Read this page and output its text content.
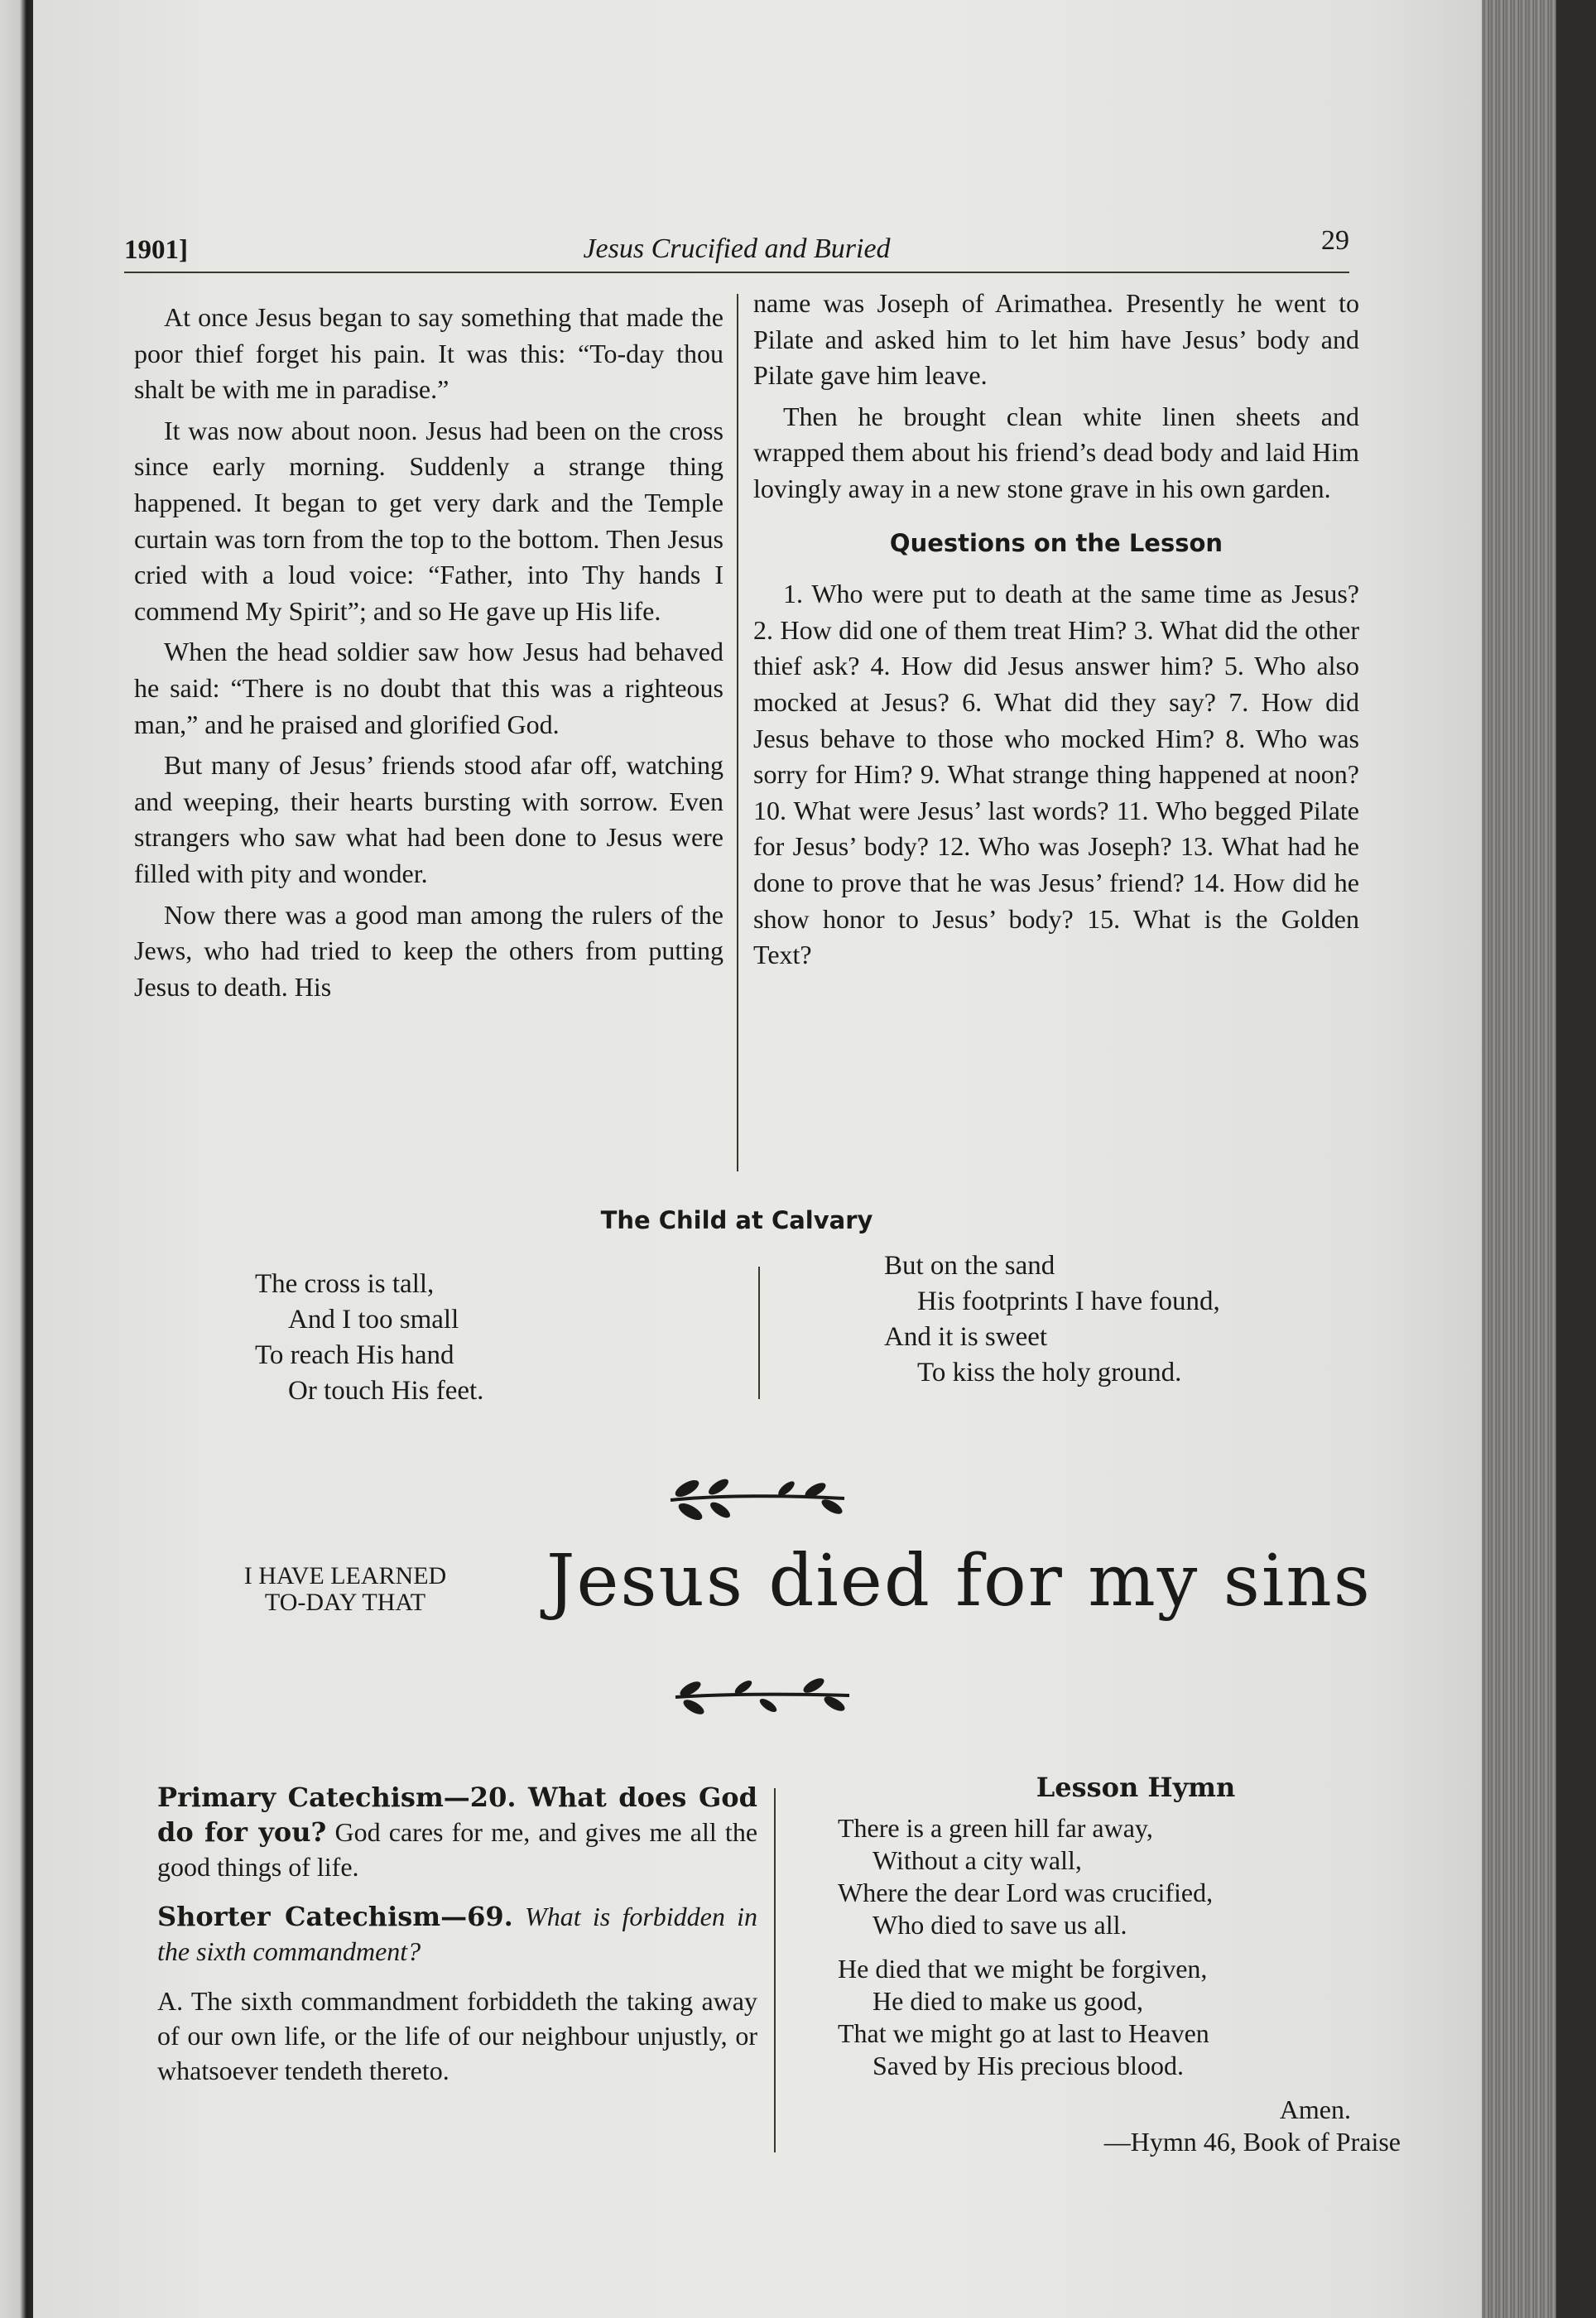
1901]	Jesus Crucified and Buried	29

At once Jesus began to say something that made the poor thief forget his pain. It was this: “To-day thou shalt be with me in paradise.”

It was now about noon. Jesus had been on the cross since early morning. Suddenly a strange thing happened. It began to get very dark and the Temple curtain was torn from the top to the bottom. Then Jesus cried with a loud voice: “Father, into Thy hands I commend My Spirit”; and so He gave up His life.

When the head soldier saw how Jesus had behaved he said: “There is no doubt that this was a righteous man,” and he praised and glorified God.

But many of Jesus’ friends stood afar off, watching and weeping, their hearts bursting with sorrow. Even strangers who saw what had been done to Jesus were filled with pity and wonder.

Now there was a good man among the rulers of the Jews, who had tried to keep the others from putting Jesus to death. His

name was Joseph of Arimathea. Presently he went to Pilate and asked him to let him have Jesus’ body and Pilate gave him leave.

Then he brought clean white linen sheets and wrapped them about his friend’s dead body and laid Him lovingly away in a new stone grave in his own garden.

Questions on the Lesson

1. Who were put to death at the same time as Jesus? 2. How did one of them treat Him? 3. What did the other thief ask? 4. How did Jesus answer him? 5. Who also mocked at Jesus? 6. What did they say? 7. How did Jesus behave to those who mocked Him? 8. Who was sorry for Him? 9. What strange thing happened at noon? 10. What were Jesus’ last words? 11. Who begged Pilate for Jesus’ body? 12. Who was Joseph? 13. What had he done to prove that he was Jesus’ friend? 14. How did he show honor to Jesus’ body? 15. What is the Golden Text?

The Child at Calvary
The cross is tall,
And I too small
To reach His hand
Or touch His feet.
But on the sand
His footprints I have found,
And it is sweet
To kiss the holy ground.
I HAVE LEARNED
TO-DAY THAT	Jesus died for my sins

Primary Catechism—20. What does God do for you? God cares for me, and gives me all the good things of life.

Shorter Catechism—69. What is forbidden in the sixth commandment?

A. The sixth commandment forbiddeth the taking away of our own life, or the life of our neighbour unjustly, or whatsoever tendeth thereto.

Lesson Hymn
There is a green hill far away,
Without a city wall,
Where the dear Lord was crucified,
Who died to save us all.
He died that we might be forgiven,
He died to make us good,
That we might go at last to Heaven
Saved by His precious blood.
Amen.
—Hymn 46, Book of Praise
